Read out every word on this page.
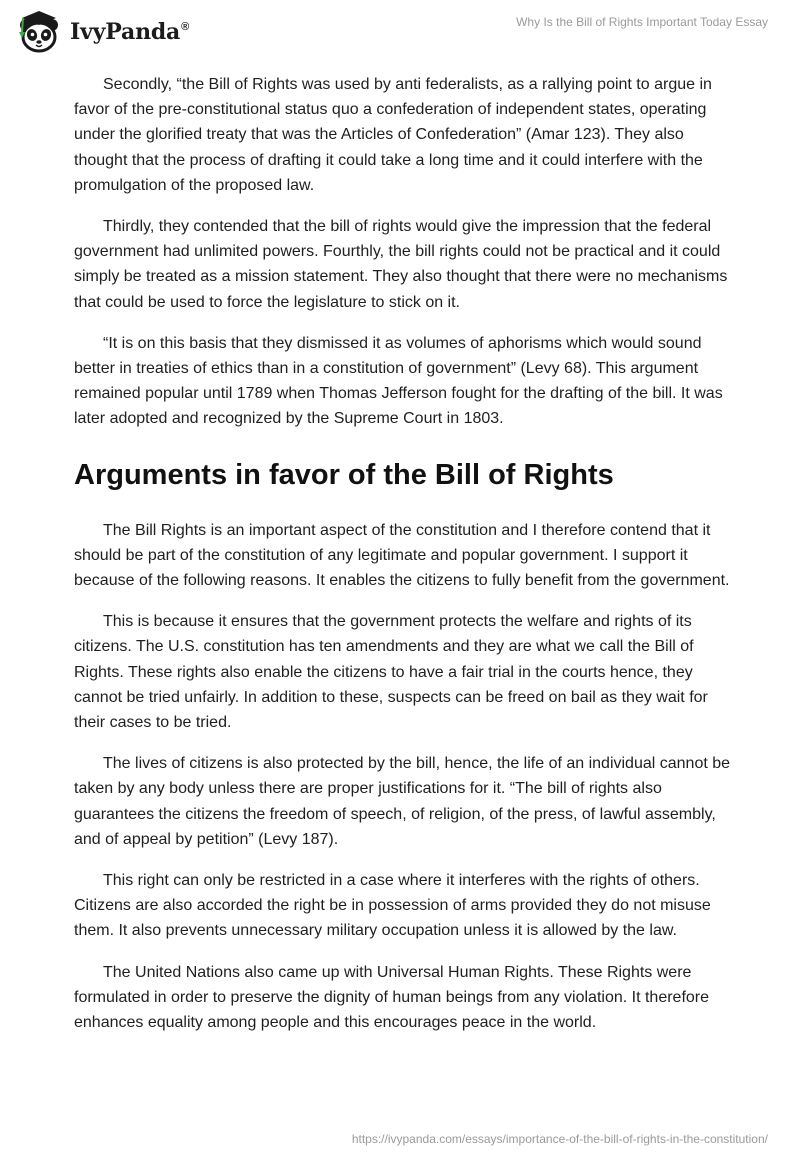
IvyPanda®	Why Is the Bill of Rights Important Today Essay

Secondly, “the Bill of Rights was used by anti federalists, as a rallying point to argue in favor of the pre-constitutional status quo a confederation of independent states, operating under the glorified treaty that was the Articles of Confederation” (Amar 123). They also thought that the process of drafting it could take a long time and it could interfere with the promulgation of the proposed law.

Thirdly, they contended that the bill of rights would give the impression that the federal government had unlimited powers. Fourthly, the bill rights could not be practical and it could simply be treated as a mission statement. They also thought that there were no mechanisms that could be used to force the legislature to stick on it.

“It is on this basis that they dismissed it as volumes of aphorisms which would sound better in treaties of ethics than in a constitution of government” (Levy 68). This argument remained popular until 1789 when Thomas Jefferson fought for the drafting of the bill. It was later adopted and recognized by the Supreme Court in 1803.

Arguments in favor of the Bill of Rights

The Bill Rights is an important aspect of the constitution and I therefore contend that it should be part of the constitution of any legitimate and popular government. I support it because of the following reasons. It enables the citizens to fully benefit from the government.

This is because it ensures that the government protects the welfare and rights of its citizens. The U.S. constitution has ten amendments and they are what we call the Bill of Rights. These rights also enable the citizens to have a fair trial in the courts hence, they cannot be tried unfairly. In addition to these, suspects can be freed on bail as they wait for their cases to be tried.

The lives of citizens is also protected by the bill, hence, the life of an individual cannot be taken by any body unless there are proper justifications for it. “The bill of rights also guarantees the citizens the freedom of speech, of religion, of the press, of lawful assembly, and of appeal by petition” (Levy 187).

This right can only be restricted in a case where it interferes with the rights of others. Citizens are also accorded the right be in possession of arms provided they do not misuse them. It also prevents unnecessary military occupation unless it is allowed by the law.

The United Nations also came up with Universal Human Rights. These Rights were formulated in order to preserve the dignity of human beings from any violation. It therefore enhances equality among people and this encourages peace in the world.

https://ivypanda.com/essays/importance-of-the-bill-of-rights-in-the-constitution/
